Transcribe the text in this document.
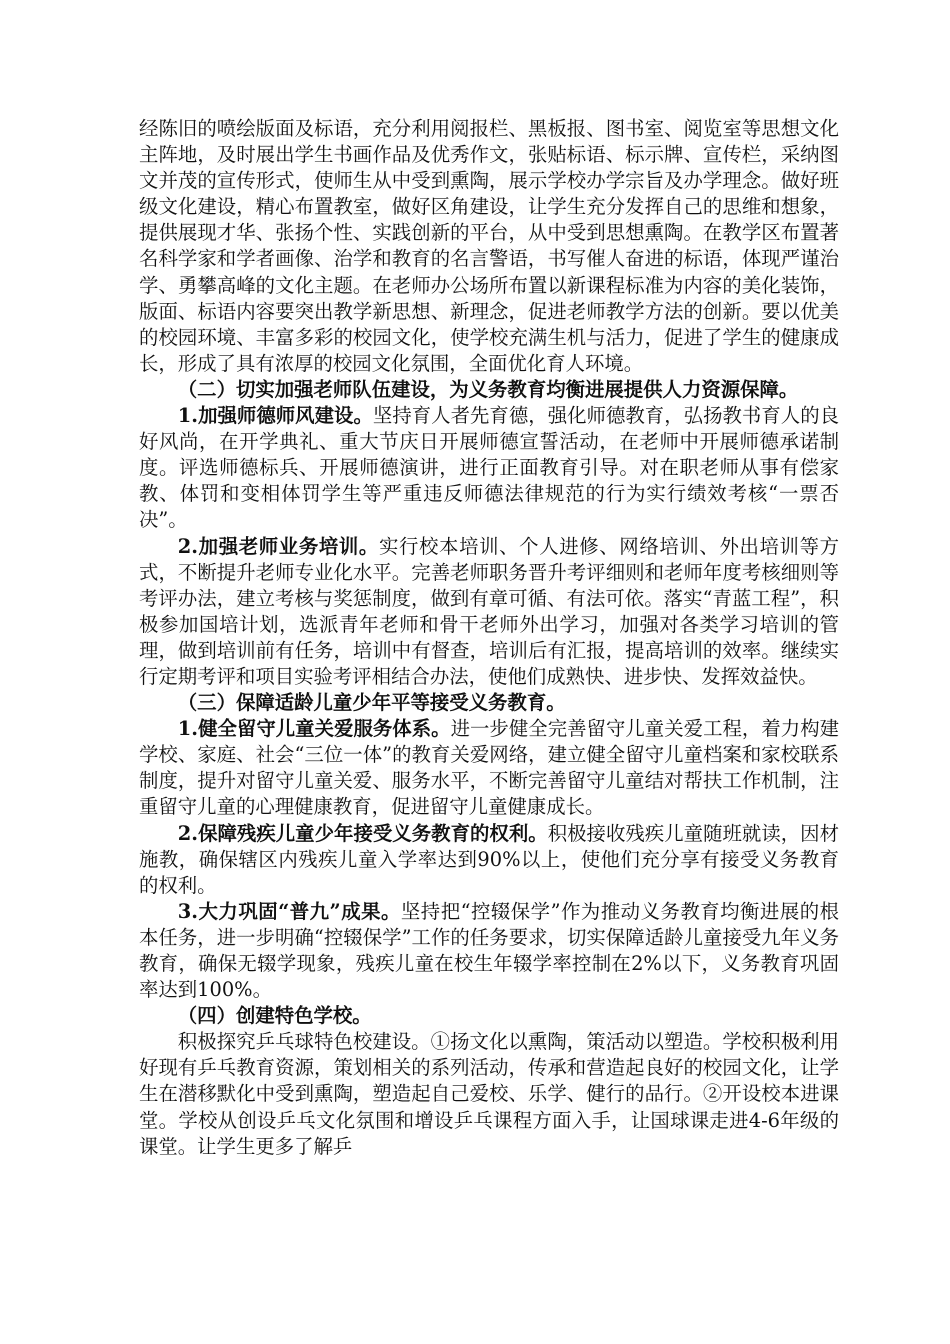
经陈旧的喷绘版面及标语，充分利用阅报栏、黑板报、图书室、阅览室等思想文化主阵地，及时展出学生书画作品及优秀作文，张贴标语、标示牌、宣传栏，采纳图文并茂的宣传形式，使师生从中受到熏陶，展示学校办学宗旨及办学理念。做好班级文化建设，精心布置教室，做好区角建设，让学生充分发挥自己的思维和想象，提供展现才华、张扬个性、实践创新的平台，从中受到思想熏陶。在教学区布置著名科学家和学者画像、治学和教育的名言警语，书写催人奋进的标语，体现严谨治学、勇攀高峰的文化主题。在老师办公场所布置以新课程标准为内容的美化装饰，版面、标语内容要突出教学新思想、新理念，促进老师教学方法的创新。要以优美的校园环境、丰富多彩的校园文化，使学校充满生机与活力，促进了学生的健康成长，形成了具有浓厚的校园文化氛围，全面优化育人环境。

（二）切实加强老师队伍建设，为义务教育均衡进展提供人力资源保障。

1.加强师德师风建设。坚持育人者先育德，强化师德教育，弘扬教书育人的良好风尚，在开学典礼、重大节庆日开展师德宣誓活动，在老师中开展师德承诺制度。评选师德标兵、开展师德演讲，进行正面教育引导。对在职老师从事有偿家教、体罚和变相体罚学生等严重违反师德法律规范的行为实行绩效考核“一票否决”。

2.加强老师业务培训。实行校本培训、个人进修、网络培训、外出培训等方式，不断提升老师专业化水平。完善老师职务晋升考评细则和老师年度考核细则等考评办法，建立考核与奖惩制度，做到有章可循、有法可依。落实“青蓝工程”，积极参加国培计划，选派青年老师和骨干老师外出学习，加强对各类学习培训的管理，做到培训前有任务，培训中有督查，培训后有汇报，提高培训的效率。继续实行定期考评和项目实验考评相结合办法，使他们成熟快、进步快、发挥效益快。

（三）保障适龄儿童少年平等接受义务教育。

1.健全留守儿童关爱服务体系。进一步健全完善留守儿童关爱工程，着力构建学校、家庭、社会“三位一体”的教育关爱网络，建立健全留守儿童档案和家校联系制度，提升对留守儿童关爱、服务水平，不断完善留守儿童结对帮扶工作机制，注重留守儿童的心理健康教育，促进留守儿童健康成长。

2.保障残疾儿童少年接受义务教育的权利。积极接收残疾儿童随班就读，因材施教，确保辖区内残疾儿童入学率达到90%以上，使他们充分享有接受义务教育的权利。

3.大力巩固“普九”成果。坚持把“控辍保学”作为推动义务教育均衡进展的根本任务，进一步明确“控辍保学”工作的任务要求，切实保障适龄儿童接受九年义务教育，确保无辍学现象，残疾儿童在校生年辍学率控制在2%以下，义务教育巩固率达到100%。

（四）创建特色学校。

积极探究乒乓球特色校建设。①扬文化以熏陶，策活动以塑造。学校积极利用好现有乒乓教育资源，策划相关的系列活动，传承和营造起良好的校园文化，让学生在潜移默化中受到熏陶，塑造起自己爱校、乐学、健行的品行。②开设校本进课堂。学校从创设乒乓文化氛围和增设乒乓课程方面入手，让国球课走进4-6年级的课堂。让学生更多了解乒
